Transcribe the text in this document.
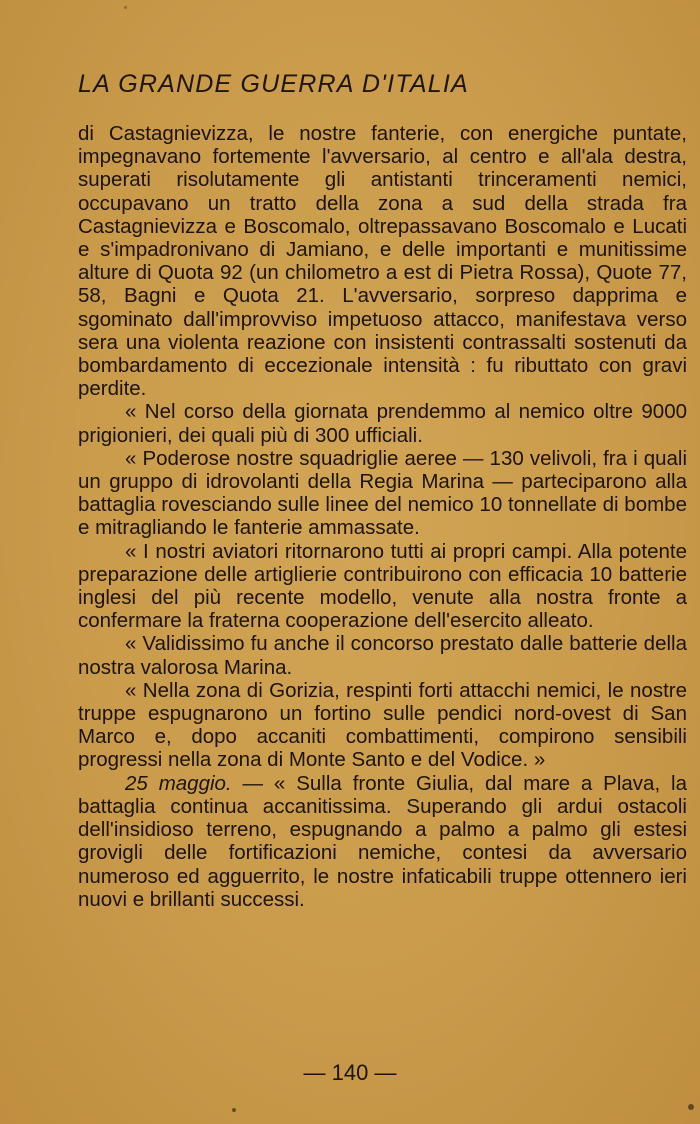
LA GRANDE GUERRA D'ITALIA

di Castagnievizza, le nostre fanterie, con energiche puntate, impegnavano fortemente l'avversario, al centro e all'ala destra, superati risolutamente gli antistanti trinceramenti nemici, occupavano un tratto della zona a sud della strada fra Castagnievizza e Boscomalo, oltrepassavano Boscomalo e Lucati e s'impadronivano di Jamiano, e delle importanti e munitissime alture di Quota 92 (un chilometro a est di Pietra Rossa), Quote 77, 58, Bagni e Quota 21. L'avversario, sorpreso dapprima e sgominato dall'improvviso impetuoso attacco, manifestava verso sera una violenta reazione con insistenti contrassalti sostenuti da bombardamento di eccezionale intensità : fu ributtato con gravi perdite.

« Nel corso della giornata prendemmo al nemico oltre 9000 prigionieri, dei quali più di 300 ufficiali.

« Poderose nostre squadriglie aeree — 130 velivoli, fra i quali un gruppo di idrovolanti della Regia Marina — parteciparono alla battaglia rovesciando sulle linee del nemico 10 tonnellate di bombe e mitragliando le fanterie ammassate.

« I nostri aviatori ritornarono tutti ai propri campi. Alla potente preparazione delle artiglierie contribuirono con efficacia 10 batterie inglesi del più recente modello, venute alla nostra fronte a confermare la fraterna cooperazione dell'esercito alleato.

« Validissimo fu anche il concorso prestato dalle batterie della nostra valorosa Marina.

« Nella zona di Gorizia, respinti forti attacchi nemici, le nostre truppe espugnarono un fortino sulle pendici nord-ovest di San Marco e, dopo accaniti combattimenti, compirono sensibili progressi nella zona di Monte Santo e del Vodice. »

25 maggio. — « Sulla fronte Giulia, dal mare a Plava, la battaglia continua accanitissima. Superando gli ardui ostacoli dell'insidioso terreno, espugnando a palmo a palmo gli estesi grovigli delle fortificazioni nemiche, contesi da avversario numeroso ed agguerrito, le nostre infaticabili truppe ottennero ieri nuovi e brillanti successi.

— 140 —
